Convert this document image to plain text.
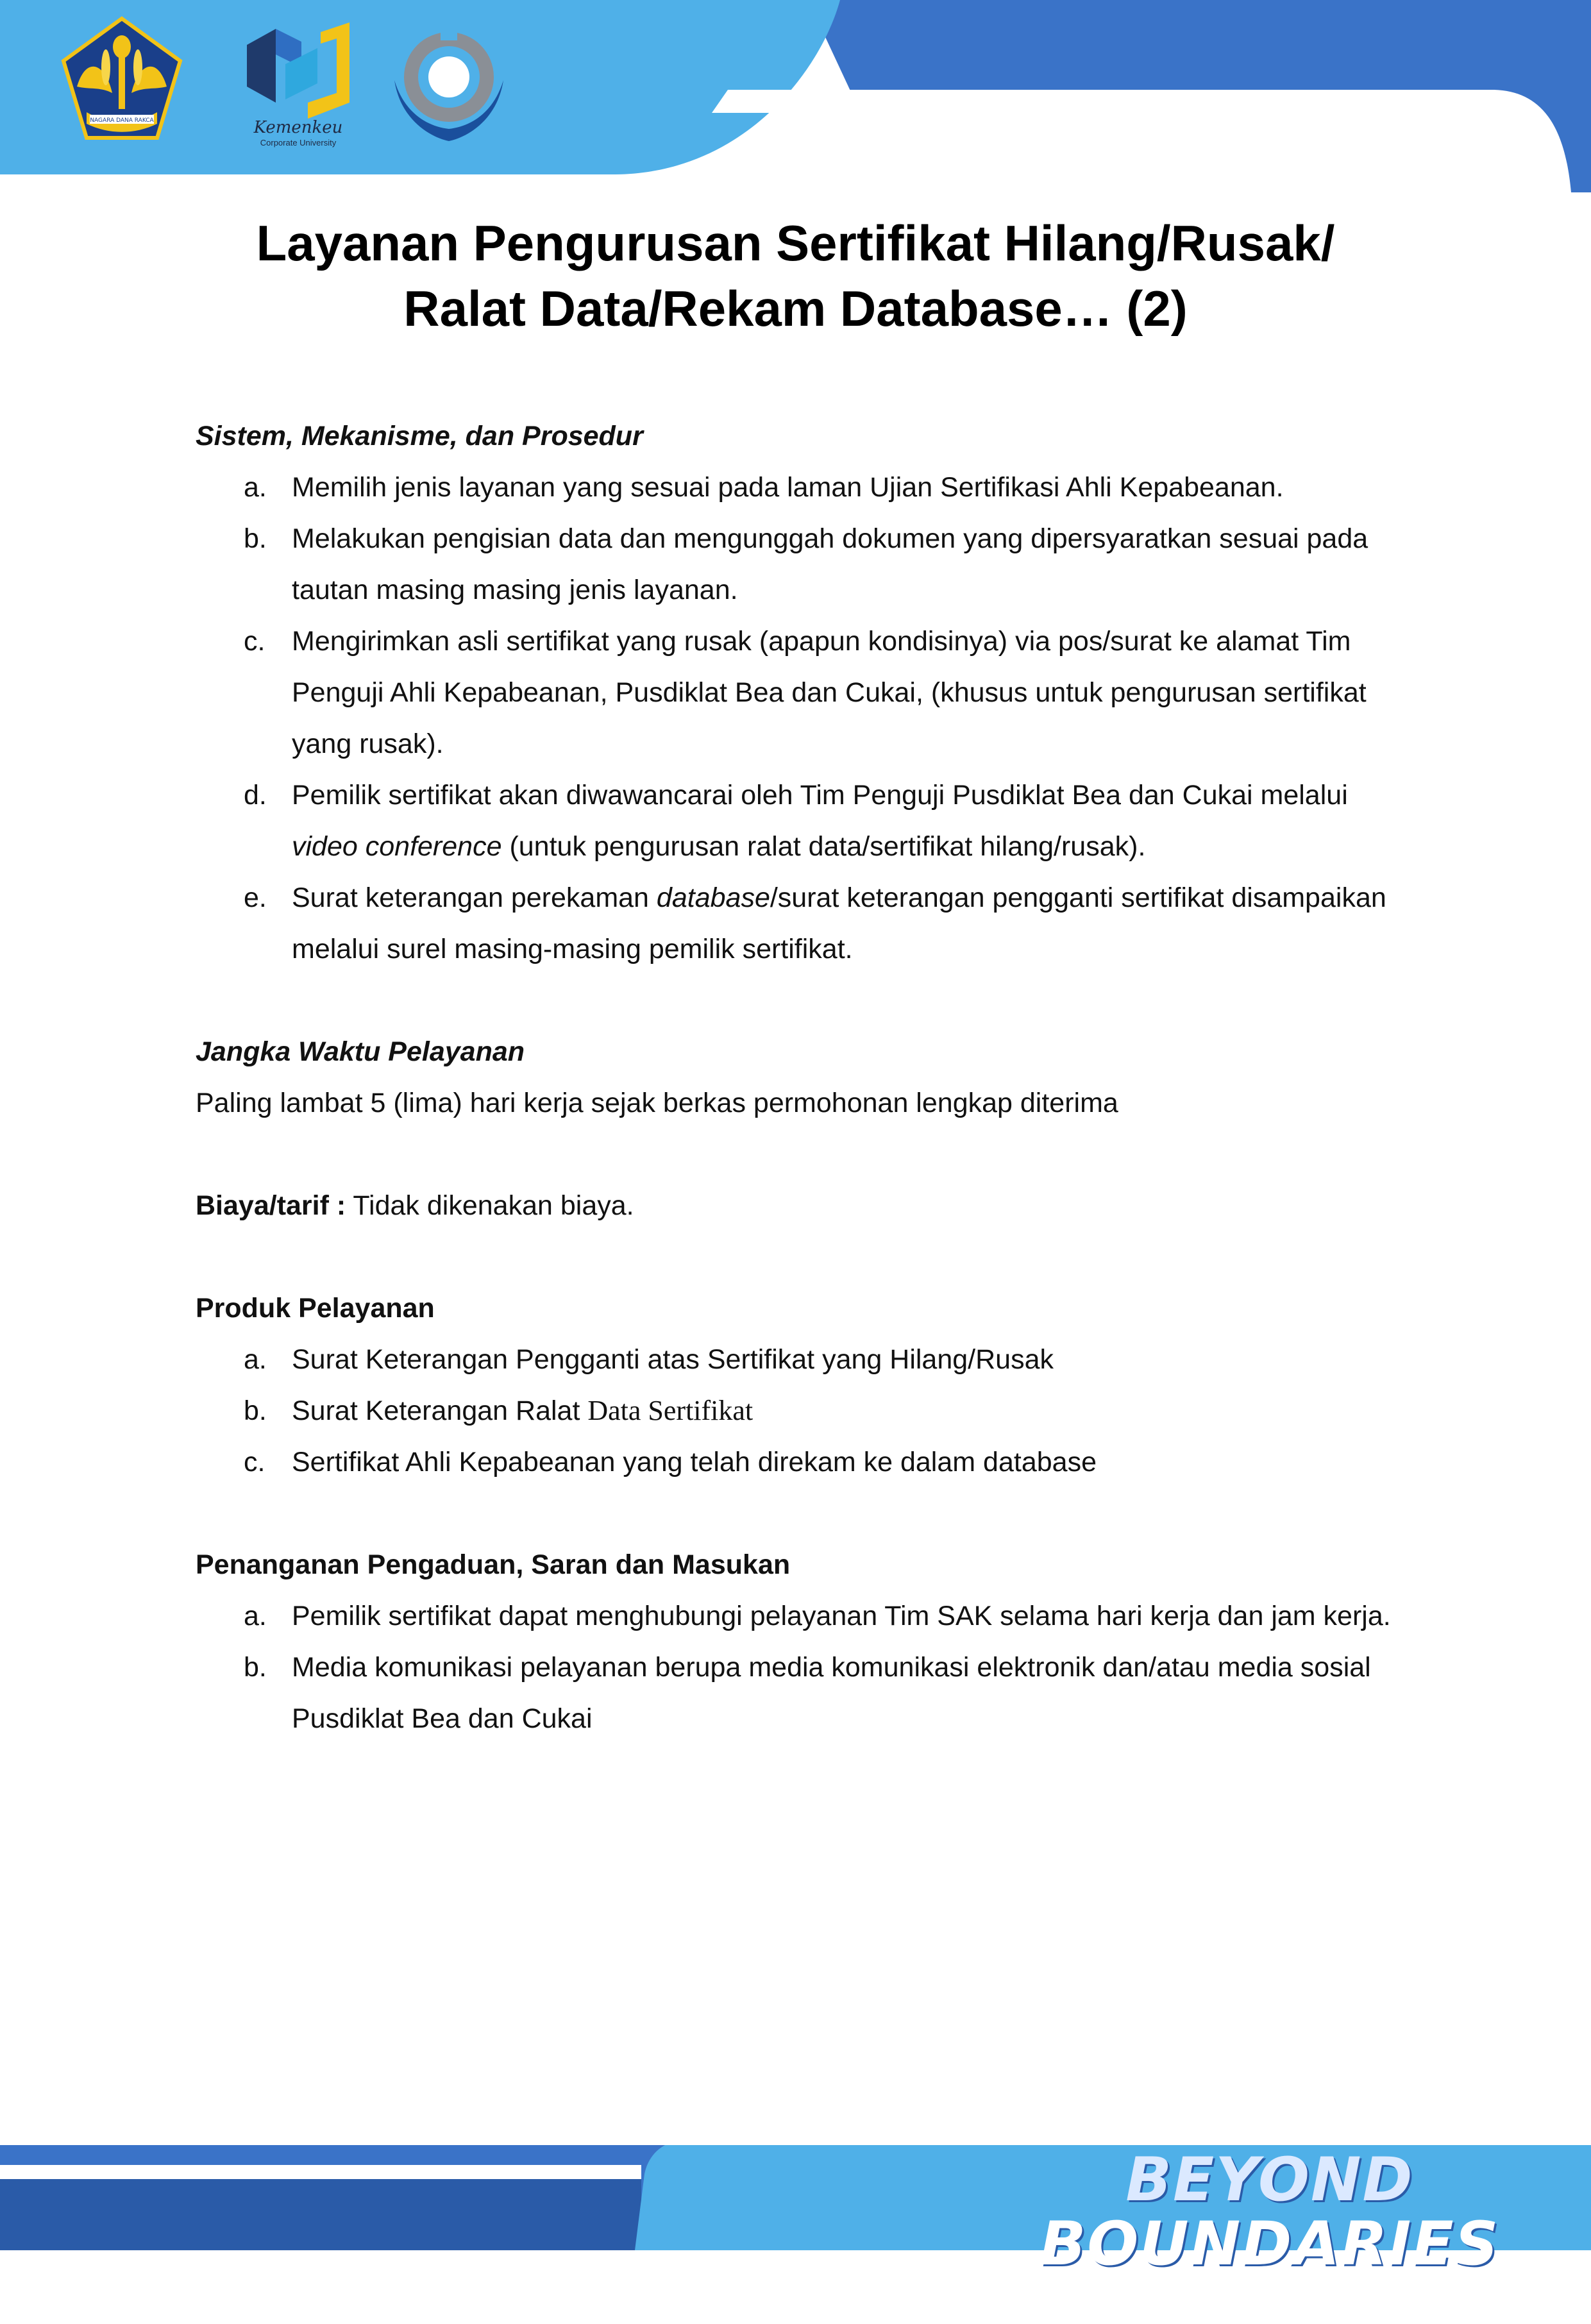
NAGARA DANA RAKCA	Kemenkeu
Corporate University
Layanan Pengurusan Sertifikat Hilang/Rusak/
Ralat Data/Rekam Database… (2)

Sistem, Mekanisme, dan Prosedur

a. Memilih jenis layanan yang sesuai pada laman Ujian Sertifikasi Ahli Kepabeanan.
b. Melakukan pengisian data dan mengunggah dokumen yang dipersyaratkan sesuai pada tautan masing masing jenis layanan.
c. Mengirimkan asli sertifikat yang rusak (apapun kondisinya) via pos/surat ke alamat Tim Penguji Ahli Kepabeanan, Pusdiklat Bea dan Cukai, (khusus untuk pengurusan sertifikat yang rusak).
d. Pemilik sertifikat akan diwawancarai oleh Tim Penguji Pusdiklat Bea dan Cukai melalui video conference (untuk pengurusan ralat data/sertifikat hilang/rusak).
e. Surat keterangan perekaman database/surat keterangan pengganti sertifikat disampaikan melalui surel masing-masing pemilik sertifikat.

Jangka Waktu Pelayanan

Paling lambat 5 (lima) hari kerja sejak berkas permohonan lengkap diterima

Biaya/tarif : Tidak dikenakan biaya.

Produk Pelayanan

a. Surat Keterangan Pengganti atas Sertifikat yang Hilang/Rusak
b. Surat Keterangan Ralat Data Sertifikat
c. Sertifikat Ahli Kepabeanan yang telah direkam ke dalam database

Penanganan Pengaduan, Saran dan Masukan

a. Pemilik sertifikat dapat menghubungi pelayanan Tim SAK selama hari kerja dan jam kerja.
b. Media komunikasi pelayanan berupa media komunikasi elektronik dan/atau media sosial Pusdiklat Bea dan Cukai
BEYOND BOUNDARIES
Menembus Batas, Melampaui Ekspektasi Untuk Negeri
